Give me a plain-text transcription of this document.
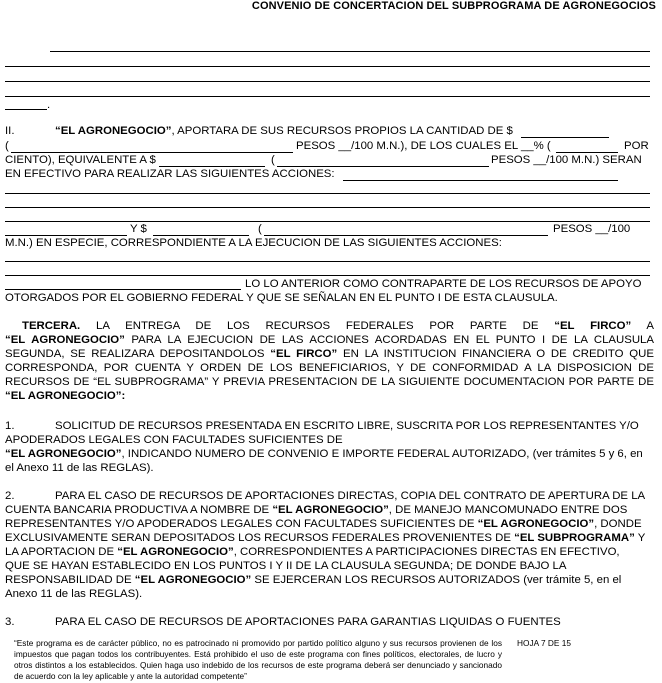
CONVENIO DE CONCERTACION DEL SUBPROGRAMA DE AGRONEGOCIOS
.
II.	“EL AGRONEGOCIO”, APORTARA DE SUS RECURSOS PROPIOS LA CANTIDAD DE $
(	PESOS __/100 M.N.), DE LOS CUALES EL __% (	POR
CIENTO), EQUIVALENTE A $	(	PESOS __/100 M.N.) SERAN
EN EFECTIVO PARA REALIZAR LAS SIGUIENTES ACCIONES:
Y $	(	PESOS __/100
M.N.) EN ESPECIE, CORRESPONDIENTE A LA EJECUCION DE LAS SIGUIENTES ACCIONES:
LO LO ANTERIOR COMO CONTRAPARTE DE LOS RECURSOS DE APOYO
OTORGADOS POR EL GOBIERNO FEDERAL Y QUE SE SEÑALAN EN EL PUNTO I DE ESTA CLAUSULA.
TERCERA. LA ENTREGA DE LOS RECURSOS FEDERALES POR PARTE DE “EL FIRCO” A
“EL AGRONEGOCIO” PARA LA EJECUCION DE LAS ACCIONES ACORDADAS EN EL PUNTO I DE LA CLAUSULA
SEGUNDA, SE REALIZARA DEPOSITANDOLOS “EL FIRCO” EN LA INSTITUCION FINANCIERA O DE CREDITO QUE
CORRESPONDA, POR CUENTA Y ORDEN DE LOS BENEFICIARIOS, Y DE CONFORMIDAD A LA DISPOSICION DE
RECURSOS DE “EL SUBPROGRAMA” Y PREVIA PRESENTACION DE LA SIGUIENTE DOCUMENTACION POR PARTE DE
“EL AGRONEGOCIO”:
1.	SOLICITUD DE RECURSOS PRESENTADA EN ESCRITO LIBRE, SUSCRITA POR LOS REPRESENTANTES Y/O
APODERADOS LEGALES CON FACULTADES SUFICIENTES DE
“EL AGRONEGOCIO”, INDICANDO NUMERO DE CONVENIO E IMPORTE FEDERAL AUTORIZADO, (ver trámites 5 y 6, en
el Anexo 11 de las REGLAS).
2.	PARA EL CASO DE RECURSOS DE APORTACIONES DIRECTAS, COPIA DEL CONTRATO DE APERTURA DE LA
CUENTA BANCARIA PRODUCTIVA A NOMBRE DE “EL AGRONEGOCIO”, DE MANEJO MANCOMUNADO ENTRE DOS
REPRESENTANTES Y/O APODERADOS LEGALES CON FACULTADES SUFICIENTES DE “EL AGRONEGOCIO”, DONDE
EXCLUSIVAMENTE SERAN DEPOSITADOS LOS RECURSOS FEDERALES PROVENIENTES DE “EL SUBPROGRAMA” Y
LA APORTACION DE “EL AGRONEGOCIO”, CORRESPONDIENTES A PARTICIPACIONES DIRECTAS EN EFECTIVO,
QUE SE HAYAN ESTABLECIDO EN LOS PUNTOS I Y II DE LA CLAUSULA SEGUNDA; DE DONDE BAJO LA
RESPONSABILIDAD DE “EL AGRONEGOCIO” SE EJERCERAN LOS RECURSOS AUTORIZADOS (ver trámite 5, en el
Anexo 11 de las REGLAS).
3.	PARA EL CASO DE RECURSOS DE APORTACIONES PARA GARANTIAS LIQUIDAS O FUENTES
“Este programa es de carácter público, no es patrocinado ni promovido por partido político alguno y sus recursos provienen de los impuestos que pagan todos los contribuyentes. Está prohibido el uso de este programa con fines políticos, electorales, de lucro y otros distintos a los establecidos. Quien haga uso indebido de los recursos de este programa deberá ser denunciado y sancionado de acuerdo con la ley aplicable y ante la autoridad competente”
HOJA 7 DE 15
